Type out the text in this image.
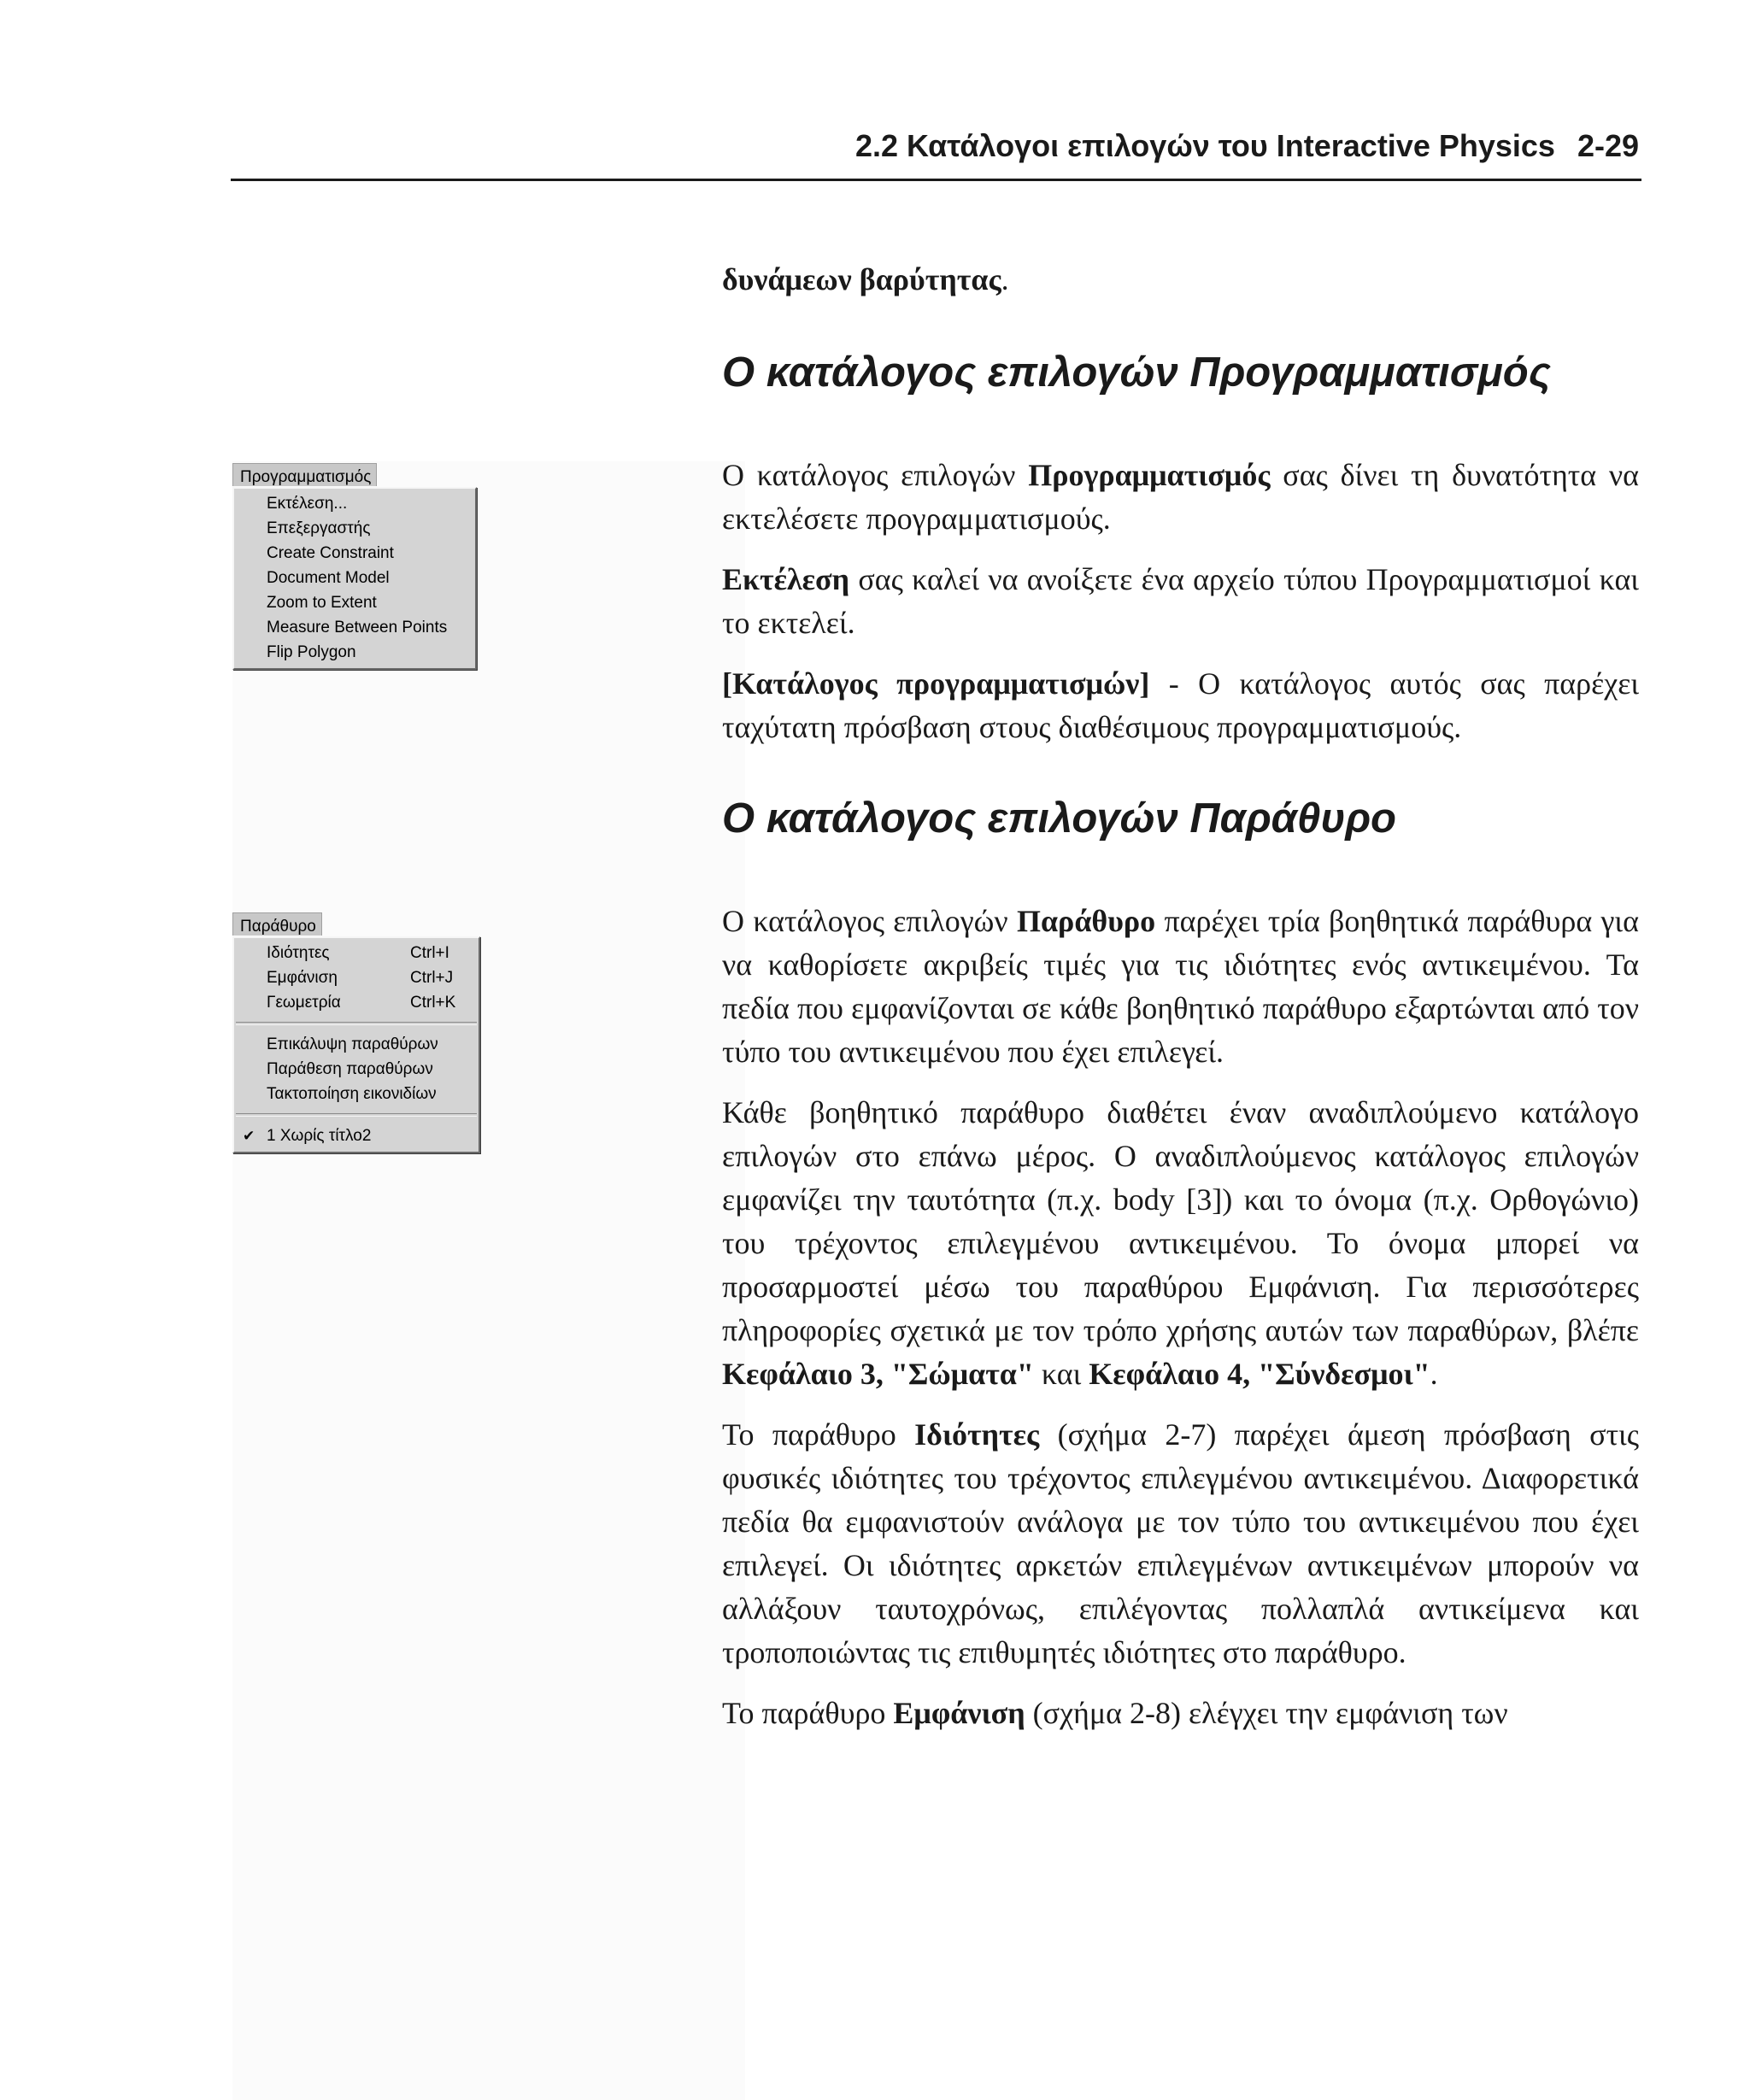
2.2 Κατάλογοι επιλογών του Interactive Physics 2-29

δυνάμεων βαρύτητας.

Ο κατάλογος επιλογών Προγραμματισμός

Ο κατάλογος επιλογών Προγραμματισμός σας δίνει τη δυνατότητα να εκτελέσετε προγραμματισμούς.

Εκτέλεση σας καλεί να ανοίξετε ένα αρχείο τύπου Προγραμματισμοί και το εκτελεί.

[Κατάλογος προγραμματισμών] - Ο κατάλογος αυτός σας παρέχει ταχύτατη πρόσβαση στους διαθέσιμους προγραμματισμούς.

Προγραμματισμός
Εκτέλεση...
Επεξεργαστής
Create Constraint
Document Model
Zoom to Extent
Measure Between Points
Flip Polygon
Ο κατάλογος επιλογών Παράθυρο

Ο κατάλογος επιλογών Παράθυρο παρέχει τρία βοηθητικά παράθυρα για να καθορίσετε ακριβείς τιμές για τις ιδιότητες ενός αντικειμένου. Τα πεδία που εμφανίζονται σε κάθε βοηθητικό παράθυρο εξαρτώνται από τον τύπο του αντικειμένου που έχει επιλεγεί.

Κάθε βοηθητικό παράθυρο διαθέτει έναν αναδιπλούμενο κατάλογο επιλογών στο επάνω μέρος. Ο αναδιπλούμενος κατάλογος επιλογών εμφανίζει την ταυτότητα (π.χ. body [3]) και το όνομα (π.χ. Ορθογώνιο) του τρέχοντος επιλεγμένου αντικειμένου. Το όνομα μπορεί να προσαρμοστεί μέσω του παραθύρου Εμφάνιση. Για περισσότερες πληροφορίες σχετικά με τον τρόπο χρήσης αυτών των παραθύρων, βλέπε Κεφάλαιο 3, "Σώματα" και Κεφάλαιο 4, "Σύνδεσμοι".

Το παράθυρο Ιδιότητες (σχήμα 2-7) παρέχει άμεση πρόσβαση στις φυσικές ιδιότητες του τρέχοντος επιλεγμένου αντικειμένου. Διαφορετικά πεδία θα εμφανιστούν ανάλογα με τον τύπο του αντικειμένου που έχει επιλεγεί. Οι ιδιότητες αρκετών επιλεγμένων αντικειμένων μπορούν να αλλάξουν ταυτοχρόνως, επιλέγοντας πολλαπλά αντικείμενα και τροποποιώντας τις επιθυμητές ιδιότητες στο παράθυρο.

Το παράθυρο Εμφάνιση (σχήμα 2-8) ελέγχει την εμφάνιση των

Παράθυρο
Ιδιότητες	Ctrl+I
Εμφάνιση	Ctrl+J
Γεωμετρία	Ctrl+K
Επικάλυψη παραθύρων
Παράθεση παραθύρων
Τακτοποίηση εικονιδίων
✔ 1 Χωρίς τίτλο2
